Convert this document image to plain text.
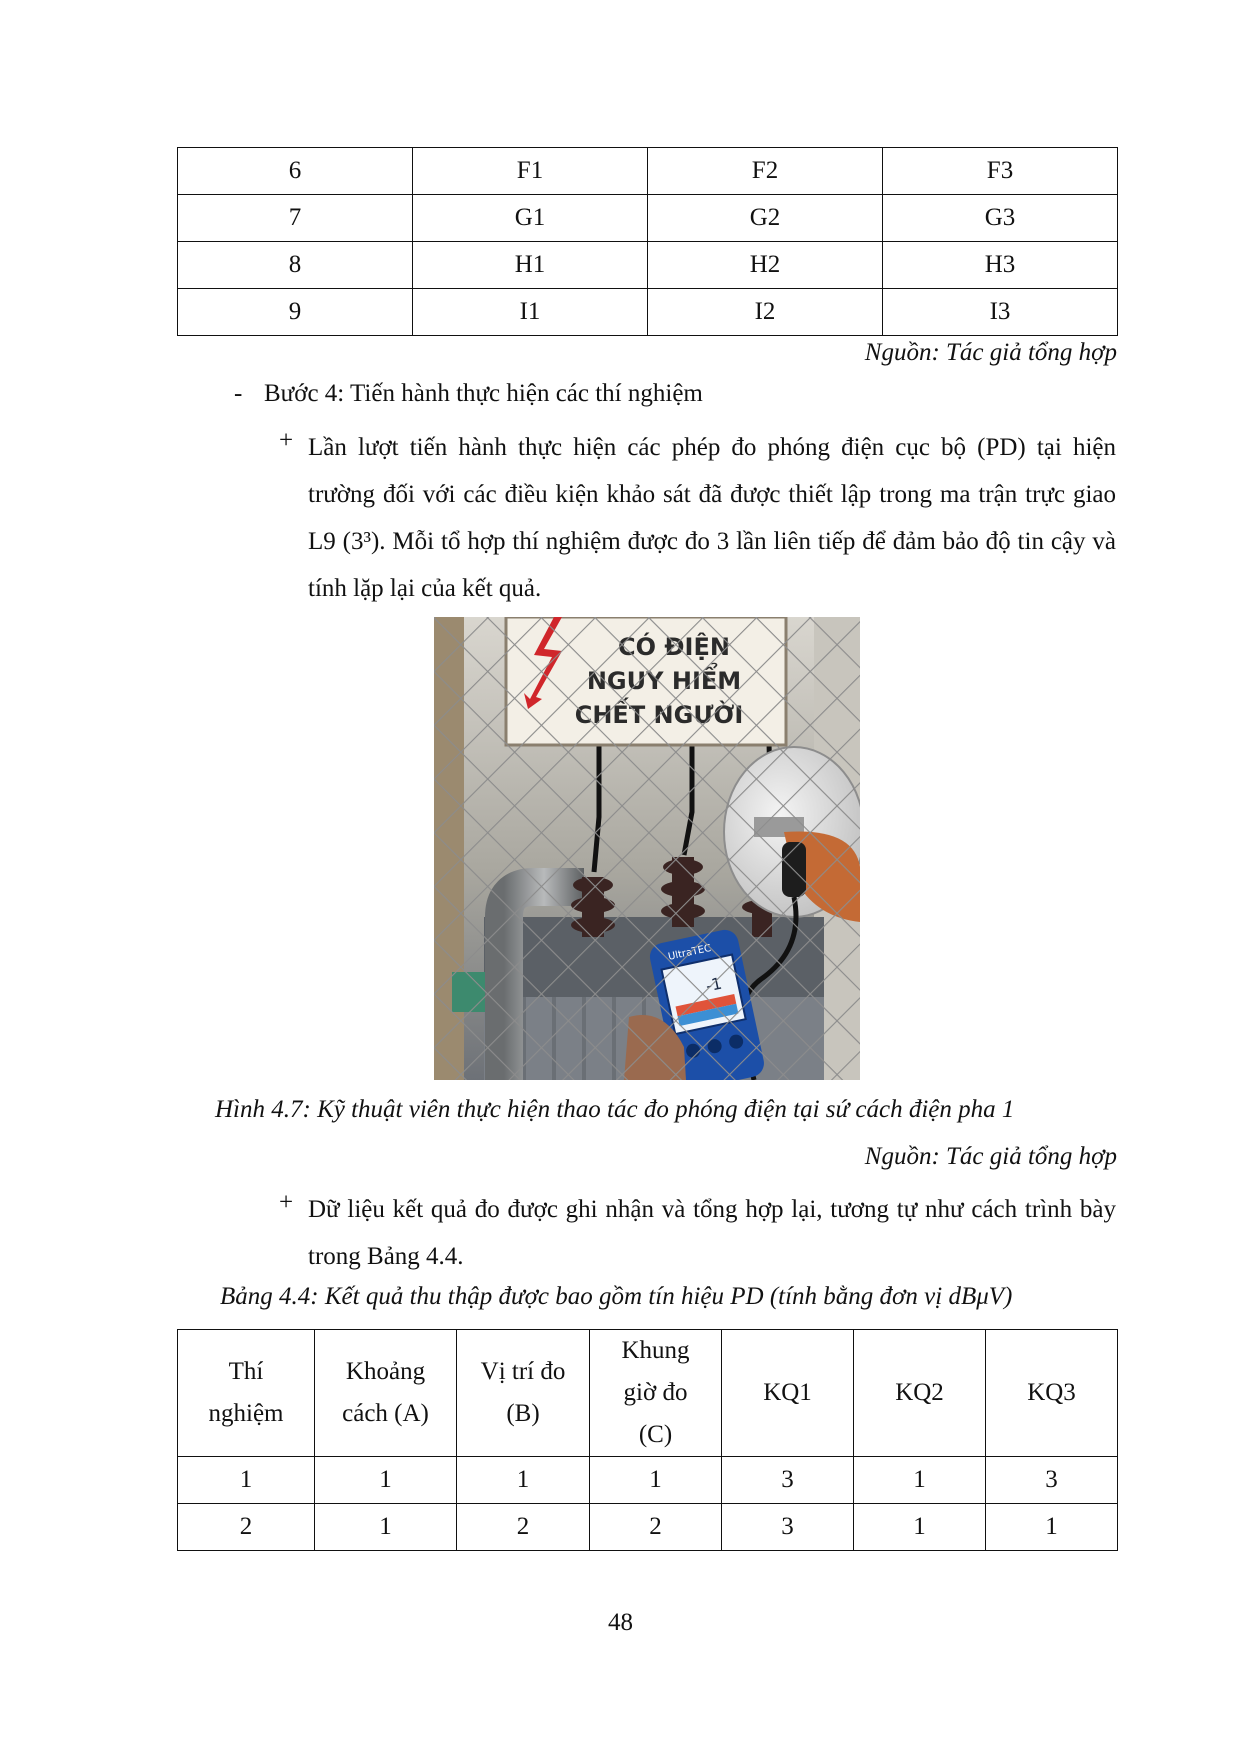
6	F1	F2	F3
7	G1	G2	G3
8	H1	H2	H3
9	I1	I2	I3
Nguồn: Tác giả tổng hợp
- Bước 4: Tiến hành thực hiện các thí nghiệm
+ Lần lượt tiến hành thực hiện các phép đo phóng điện cục bộ (PD) tại hiện trường đối với các điều kiện khảo sát đã được thiết lập trong ma trận trực giao L9 (3³). Mỗi tổ hợp thí nghiệm được đo 3 lần liên tiếp để đảm bảo độ tin cậy và tính lặp lại của kết quả.
Hình 4.7: Kỹ thuật viên thực hiện thao tác đo phóng điện tại sứ cách điện pha 1
Nguồn: Tác giả tổng hợp
+ Dữ liệu kết quả đo được ghi nhận và tổng hợp lại, tương tự như cách trình bày trong Bảng 4.4.
Bảng 4.4: Kết quả thu thập được bao gồm tín hiệu PD (tính bằng đơn vị dBμV)
Thí nghiệm	Khoảng cách (A)	Vị trí đo (B)	Khung giờ đo (C)	KQ1	KQ2	KQ3
1	1	1	1	3	1	3
2	1	2	2	3	1	1
48
